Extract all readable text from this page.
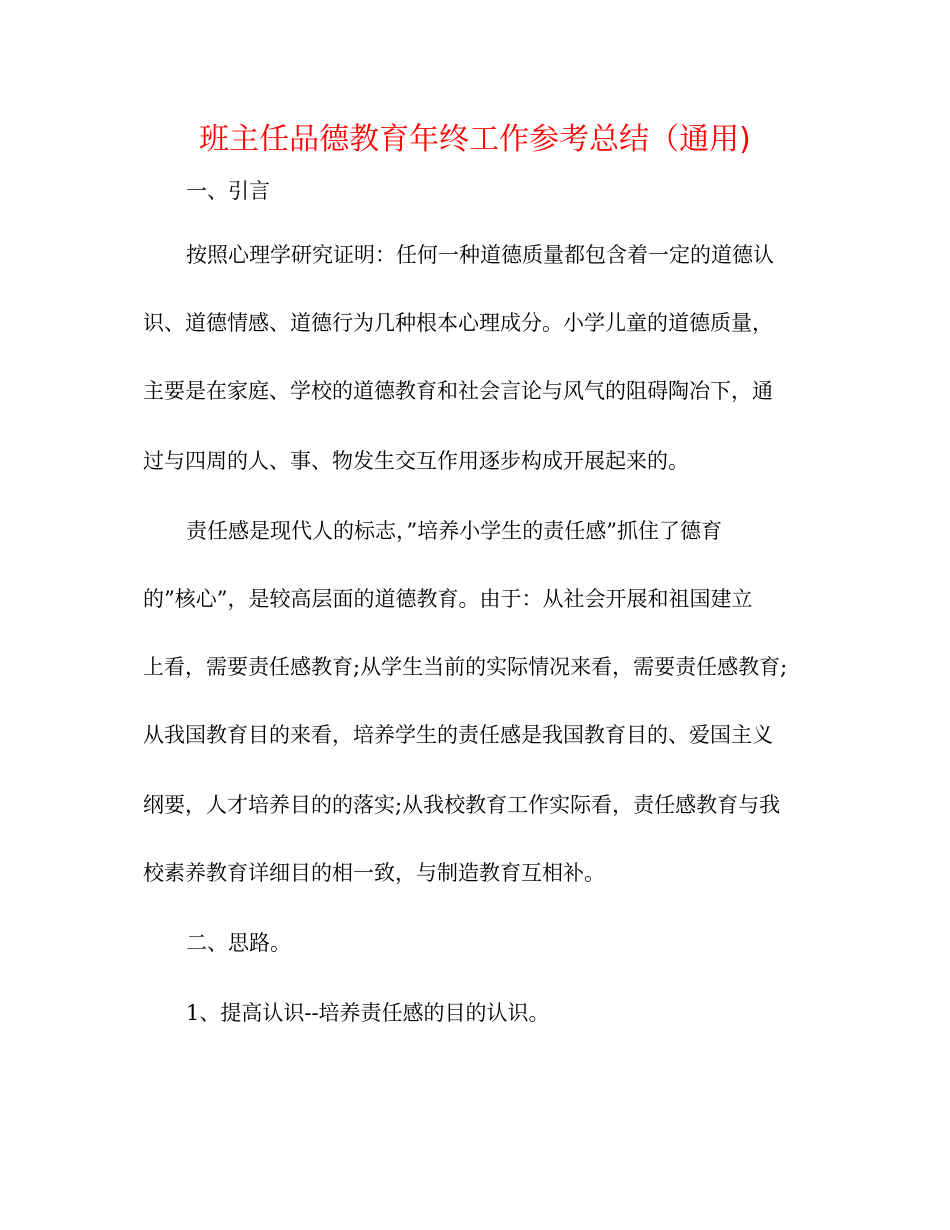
班主任品德教育年终工作参考总结（通用)

一、引言

按照心理学研究证明：任何一种道德质量都包含着一定的道德认

识、道德情感、道德行为几种根本心理成分。小学儿童的道德质量，

主要是在家庭、学校的道德教育和社会言论与风气的阻碍陶冶下，通

过与四周的人、事、物发生交互作用逐步构成开展起来的。

责任感是现代人的标志，”培养小学生的责任感”抓住了德育

的”核心”，是较高层面的道德教育。由于：从社会开展和祖国建立

上看，需要责任感教育;从学生当前的实际情况来看，需要责任感教育;

从我国教育目的来看，培养学生的责任感是我国教育目的、爱国主义

纲要，人才培养目的的落实;从我校教育工作实际看，责任感教育与我

校素养教育详细目的相一致，与制造教育互相补。

二、思路。

1、提高认识--培养责任感的目的认识。
